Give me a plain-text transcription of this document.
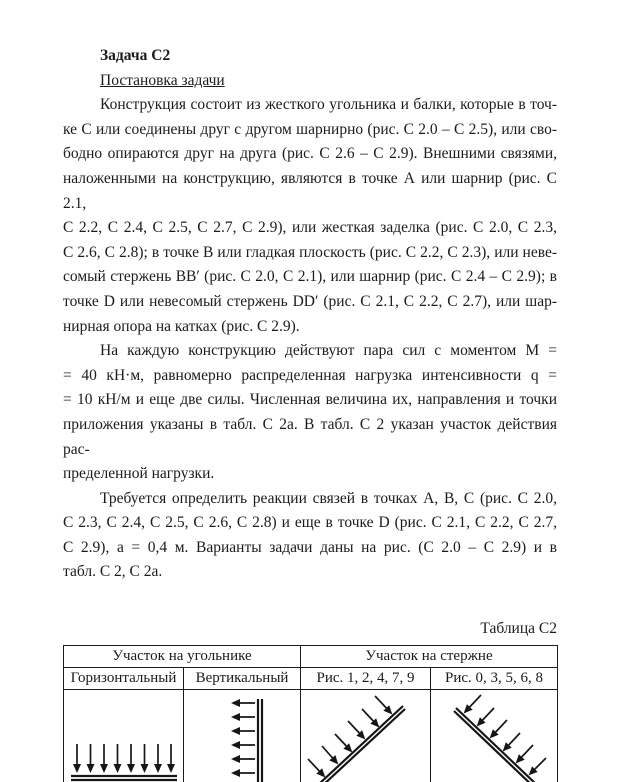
Задача С2
Постановка задачи
Конструкция состоит из жесткого угольника и балки, которые в точ-
ке С или соединены друг с другом шарнирно (рис. С 2.0 – С 2.5), или сво-
бодно опираются друг на друга (рис. С 2.6 – С 2.9). Внешними связями,
наложенными на конструкцию, являются в точке А или шарнир (рис. С 2.1,
С 2.2, С 2.4, С 2.5, С 2.7, С 2.9), или жесткая заделка (рис. С 2.0, С 2.3,
С 2.6, С 2.8); в точке В или гладкая плоскость (рис. С 2.2, С 2.3), или неве-
сомый стержень ВВ′ (рис. С 2.0, С 2.1), или шарнир (рис. С 2.4 – С 2.9); в
точке D или невесомый стержень DD′ (рис. С 2.1, С 2.2, С 2.7), или шар-
нирная опора на катках (рис. С 2.9).
На каждую конструкцию действуют пара сил с моментом М =
= 40 кН·м, равномерно распределенная нагрузка интенсивности q =
= 10 кН/м и еще две силы. Численная величина их, направления и точки
приложения указаны в табл. С 2а. В табл. С 2 указан участок действия рас-
пределенной нагрузки.
Требуется определить реакции связей в точках А, В, С (рис. С 2.0,
С 2.3, С 2.4, С 2.5, С 2.6, С 2.8) и еще в точке D (рис. С 2.1, С 2.2, С 2.7,
С 2.9), а = 0,4 м. Варианты задачи даны на рис. (С 2.0 – С 2.9) и в
табл. С 2, С 2а.
Таблица С2
Участок на угольнике		Участок на стержне	
Горизонтальный	Вертикальный	Рис. 1, 2, 4, 7, 9	Рис. 0, 3, 5, 6, 8
